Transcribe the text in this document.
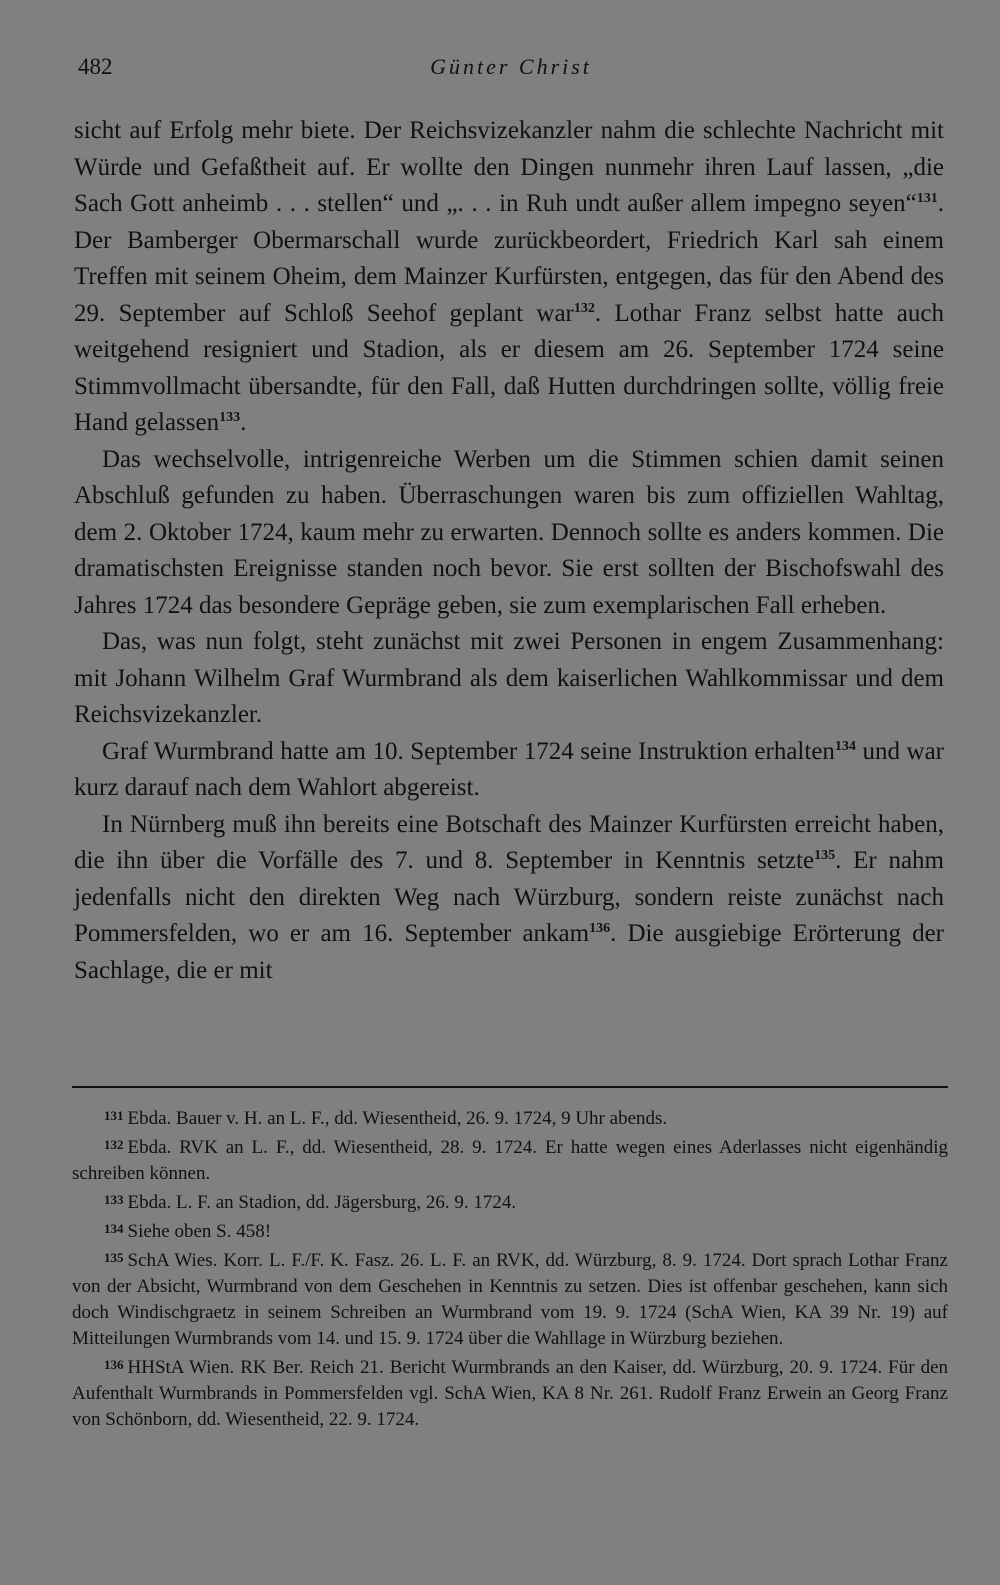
482	Günter Christ

sicht auf Erfolg mehr biete. Der Reichsvizekanzler nahm die schlechte Nachricht mit Würde und Gefaßtheit auf. Er wollte den Dingen nunmehr ihren Lauf lassen, „die Sach Gott anheimb . . . stellen“ und „. . . in Ruh undt außer allem impegno seyen“$^{131}$. Der Bamberger Obermarschall wurde zurückbeordert, Friedrich Karl sah einem Treffen mit seinem Oheim, dem Mainzer Kurfürsten, entgegen, das für den Abend des 29. September auf Schloß Seehof geplant war$^{132}$. Lothar Franz selbst hatte auch weitgehend resigniert und Stadion, als er diesem am 26. September 1724 seine Stimmvollmacht übersandte, für den Fall, daß Hutten durchdringen sollte, völlig freie Hand gelassen$^{133}$.

Das wechselvolle, intrigenreiche Werben um die Stimmen schien damit seinen Abschluß gefunden zu haben. Überraschungen waren bis zum offiziellen Wahltag, dem 2. Oktober 1724, kaum mehr zu erwarten. Dennoch sollte es anders kommen. Die dramatischsten Ereignisse standen noch bevor. Sie erst sollten der Bischofswahl des Jahres 1724 das besondere Gepräge geben, sie zum exemplarischen Fall erheben.

Das, was nun folgt, steht zunächst mit zwei Personen in engem Zusammenhang: mit Johann Wilhelm Graf Wurmbrand als dem kaiserlichen Wahlkommissar und dem Reichsvizekanzler.

Graf Wurmbrand hatte am 10. September 1724 seine Instruktion erhalten$^{134}$ und war kurz darauf nach dem Wahlort abgereist.

In Nürnberg muß ihn bereits eine Botschaft des Mainzer Kurfürsten erreicht haben, die ihn über die Vorfälle des 7. und 8. September in Kenntnis setzte$^{135}$. Er nahm jedenfalls nicht den direkten Weg nach Würzburg, sondern reiste zunächst nach Pommersfelden, wo er am 16. September ankam$^{136}$. Die ausgiebige Erörterung der Sachlage, die er mit

$^{131}$ Ebda. Bauer v. H. an L. F., dd. Wiesentheid, 26. 9. 1724, 9 Uhr abends.

$^{132}$ Ebda. RVK an L. F., dd. Wiesentheid, 28. 9. 1724. Er hatte wegen eines Aderlasses nicht eigenhändig schreiben können.

$^{133}$ Ebda. L. F. an Stadion, dd. Jägersburg, 26. 9. 1724.

$^{134}$ Siehe oben S. 458!

$^{135}$ SchA Wies. Korr. L. F./F. K. Fasz. 26. L. F. an RVK, dd. Würzburg, 8. 9. 1724. Dort sprach Lothar Franz von der Absicht, Wurmbrand von dem Geschehen in Kenntnis zu setzen. Dies ist offenbar geschehen, kann sich doch Windischgraetz in seinem Schreiben an Wurmbrand vom 19. 9. 1724 (SchA Wien, KA 39 Nr. 19) auf Mitteilungen Wurmbrands vom 14. und 15. 9. 1724 über die Wahllage in Würzburg beziehen.

$^{136}$ HHStA Wien. RK Ber. Reich 21. Bericht Wurmbrands an den Kaiser, dd. Würzburg, 20. 9. 1724. Für den Aufenthalt Wurmbrands in Pommersfelden vgl. SchA Wien, KA 8 Nr. 261. Rudolf Franz Erwein an Georg Franz von Schönborn, dd. Wiesentheid, 22. 9. 1724.
